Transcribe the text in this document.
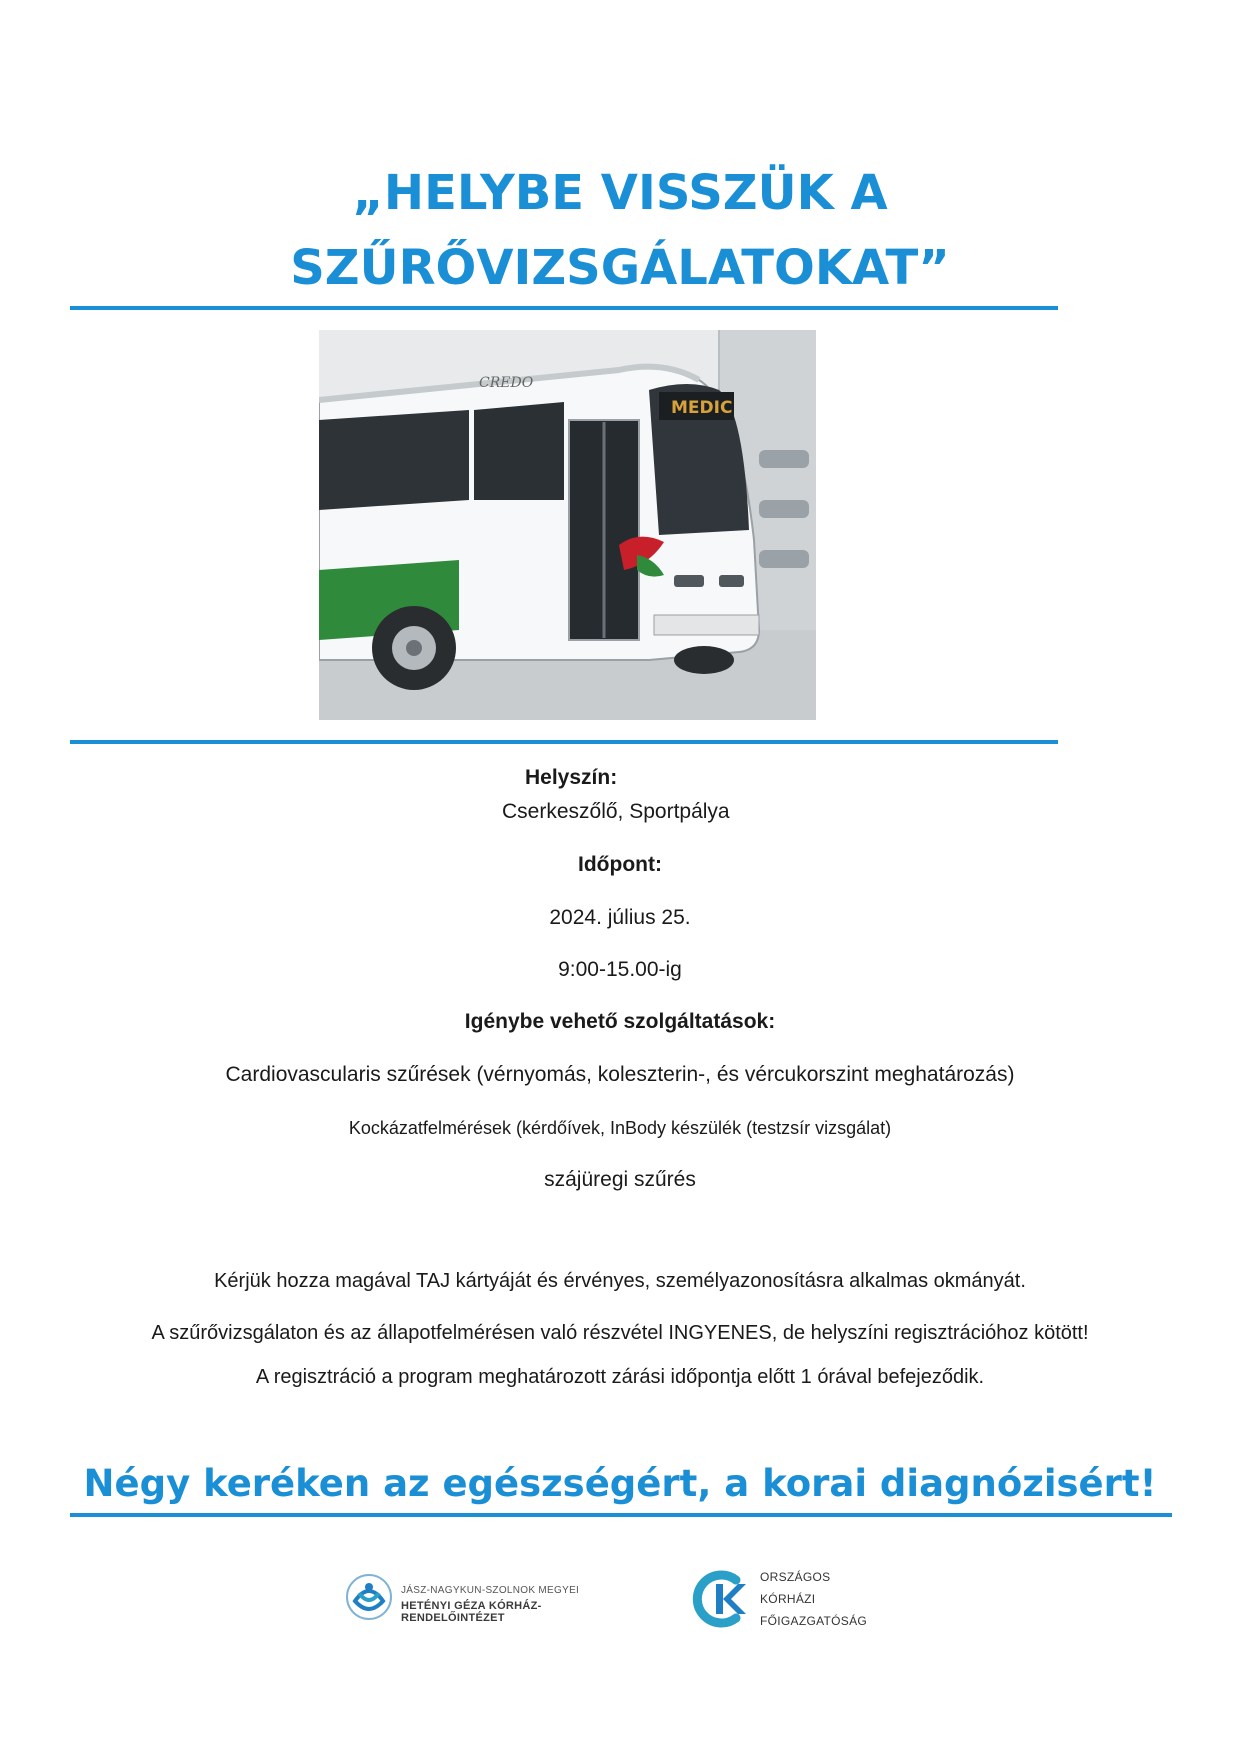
„HELYBE VISSZÜK A
SZŰRŐVIZSGÁLATOKAT”
MEDIC
CREDO
Helyszín:
Cserkeszőlő, Sportpálya
Időpont:
2024. július 25.
9:00-15.00-ig
Igénybe vehető szolgáltatások:
Cardiovascularis szűrések (vérnyomás, koleszterin-, és vércukorszint meghatározás)
Kockázatfelmérések (kérdőívek, InBody készülék (testzsír vizsgálat)
szájüregi szűrés
Kérjük hozza magával TAJ kártyáját és érvényes, személyazonosításra alkalmas okmányát.
A szűrővizsgálaton és az állapotfelmérésen való részvétel INGYENES, de helyszíni regisztrációhoz kötött!
A regisztráció a program meghatározott zárási időpontja előtt 1 órával befejeződik.
Négy keréken az egészségért, a korai diagnózisért!
JÁSZ-NAGYKUN-SZOLNOK MEGYEI
HETÉNYI GÉZA KÓRHÁZ-RENDELŐINTÉZET
ORSZÁGOS
KÓRHÁZI
FŐIGAZGATÓSÁG
